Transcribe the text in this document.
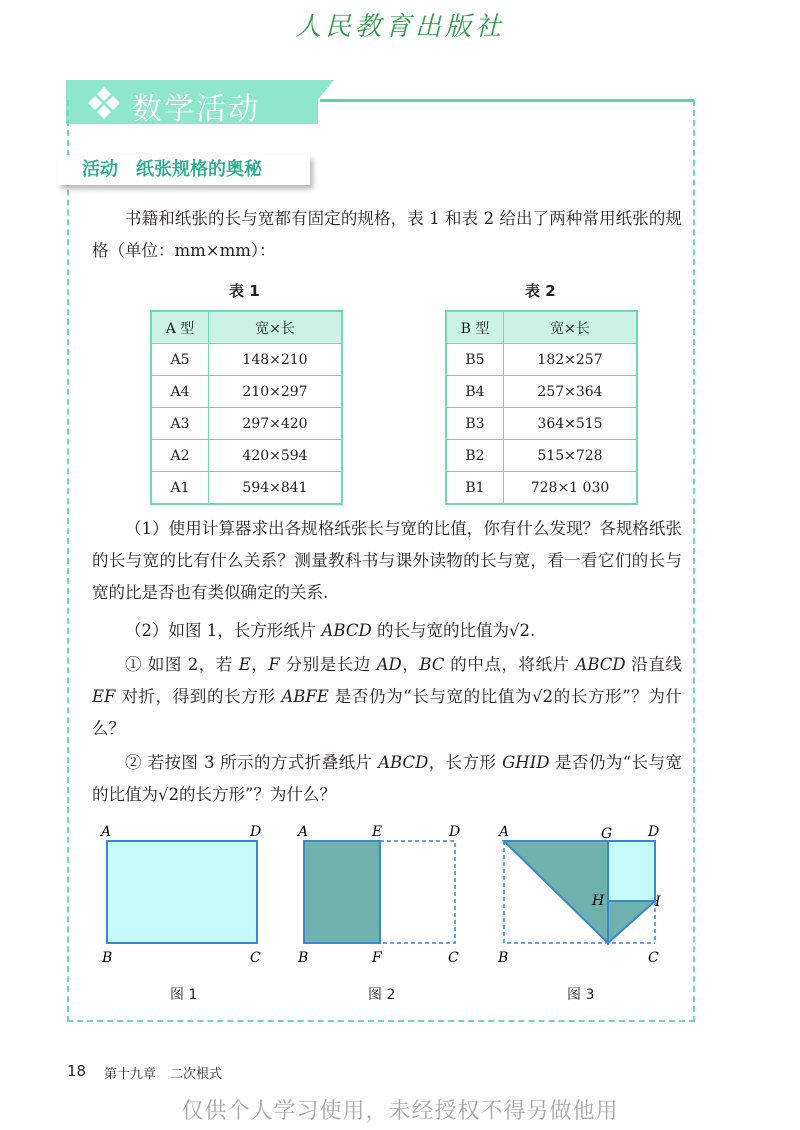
人民教育出版社
数学活动
活动 纸张规格的奥秘
书籍和纸张的长与宽都有固定的规格，表 1 和表 2 给出了两种常用纸张的规格（单位：mm×mm）：
表 1	表 2
A 型	宽×长
A5	148×210
A4	210×297
A3	297×420
A2	420×594
A1	594×841
B 型	宽×长
B5	182×257
B4	257×364
B3	364×515
B2	515×728
B1	728×1 030
（1）使用计算器求出各规格纸张长与宽的比值，你有什么发现？各规格纸张的长与宽的比有什么关系？测量教科书与课外读物的长与宽，看一看它们的长与宽的比是否也有类似确定的关系.
（2）如图 1，长方形纸片 ABCD 的长与宽的比值为√2.
① 如图 2，若 E，F 分别是长边 AD，BC 的中点，将纸片 ABCD 沿直线 EF 对折，得到的长方形 ABFE 是否仍为“长与宽的比值为√2的长方形”？为什么？
② 若按图 3 所示的方式折叠纸片 ABCD，长方形 GHID 是否仍为“长与宽的比值为√2的长方形”？为什么？
A	D
B	C
A	E	D
B	F	C
A	G	D
H	I
B	C
图 1	图 2	图 3
18 第十九章 二次根式
仅供个人学习使用，未经授权不得另做他用
